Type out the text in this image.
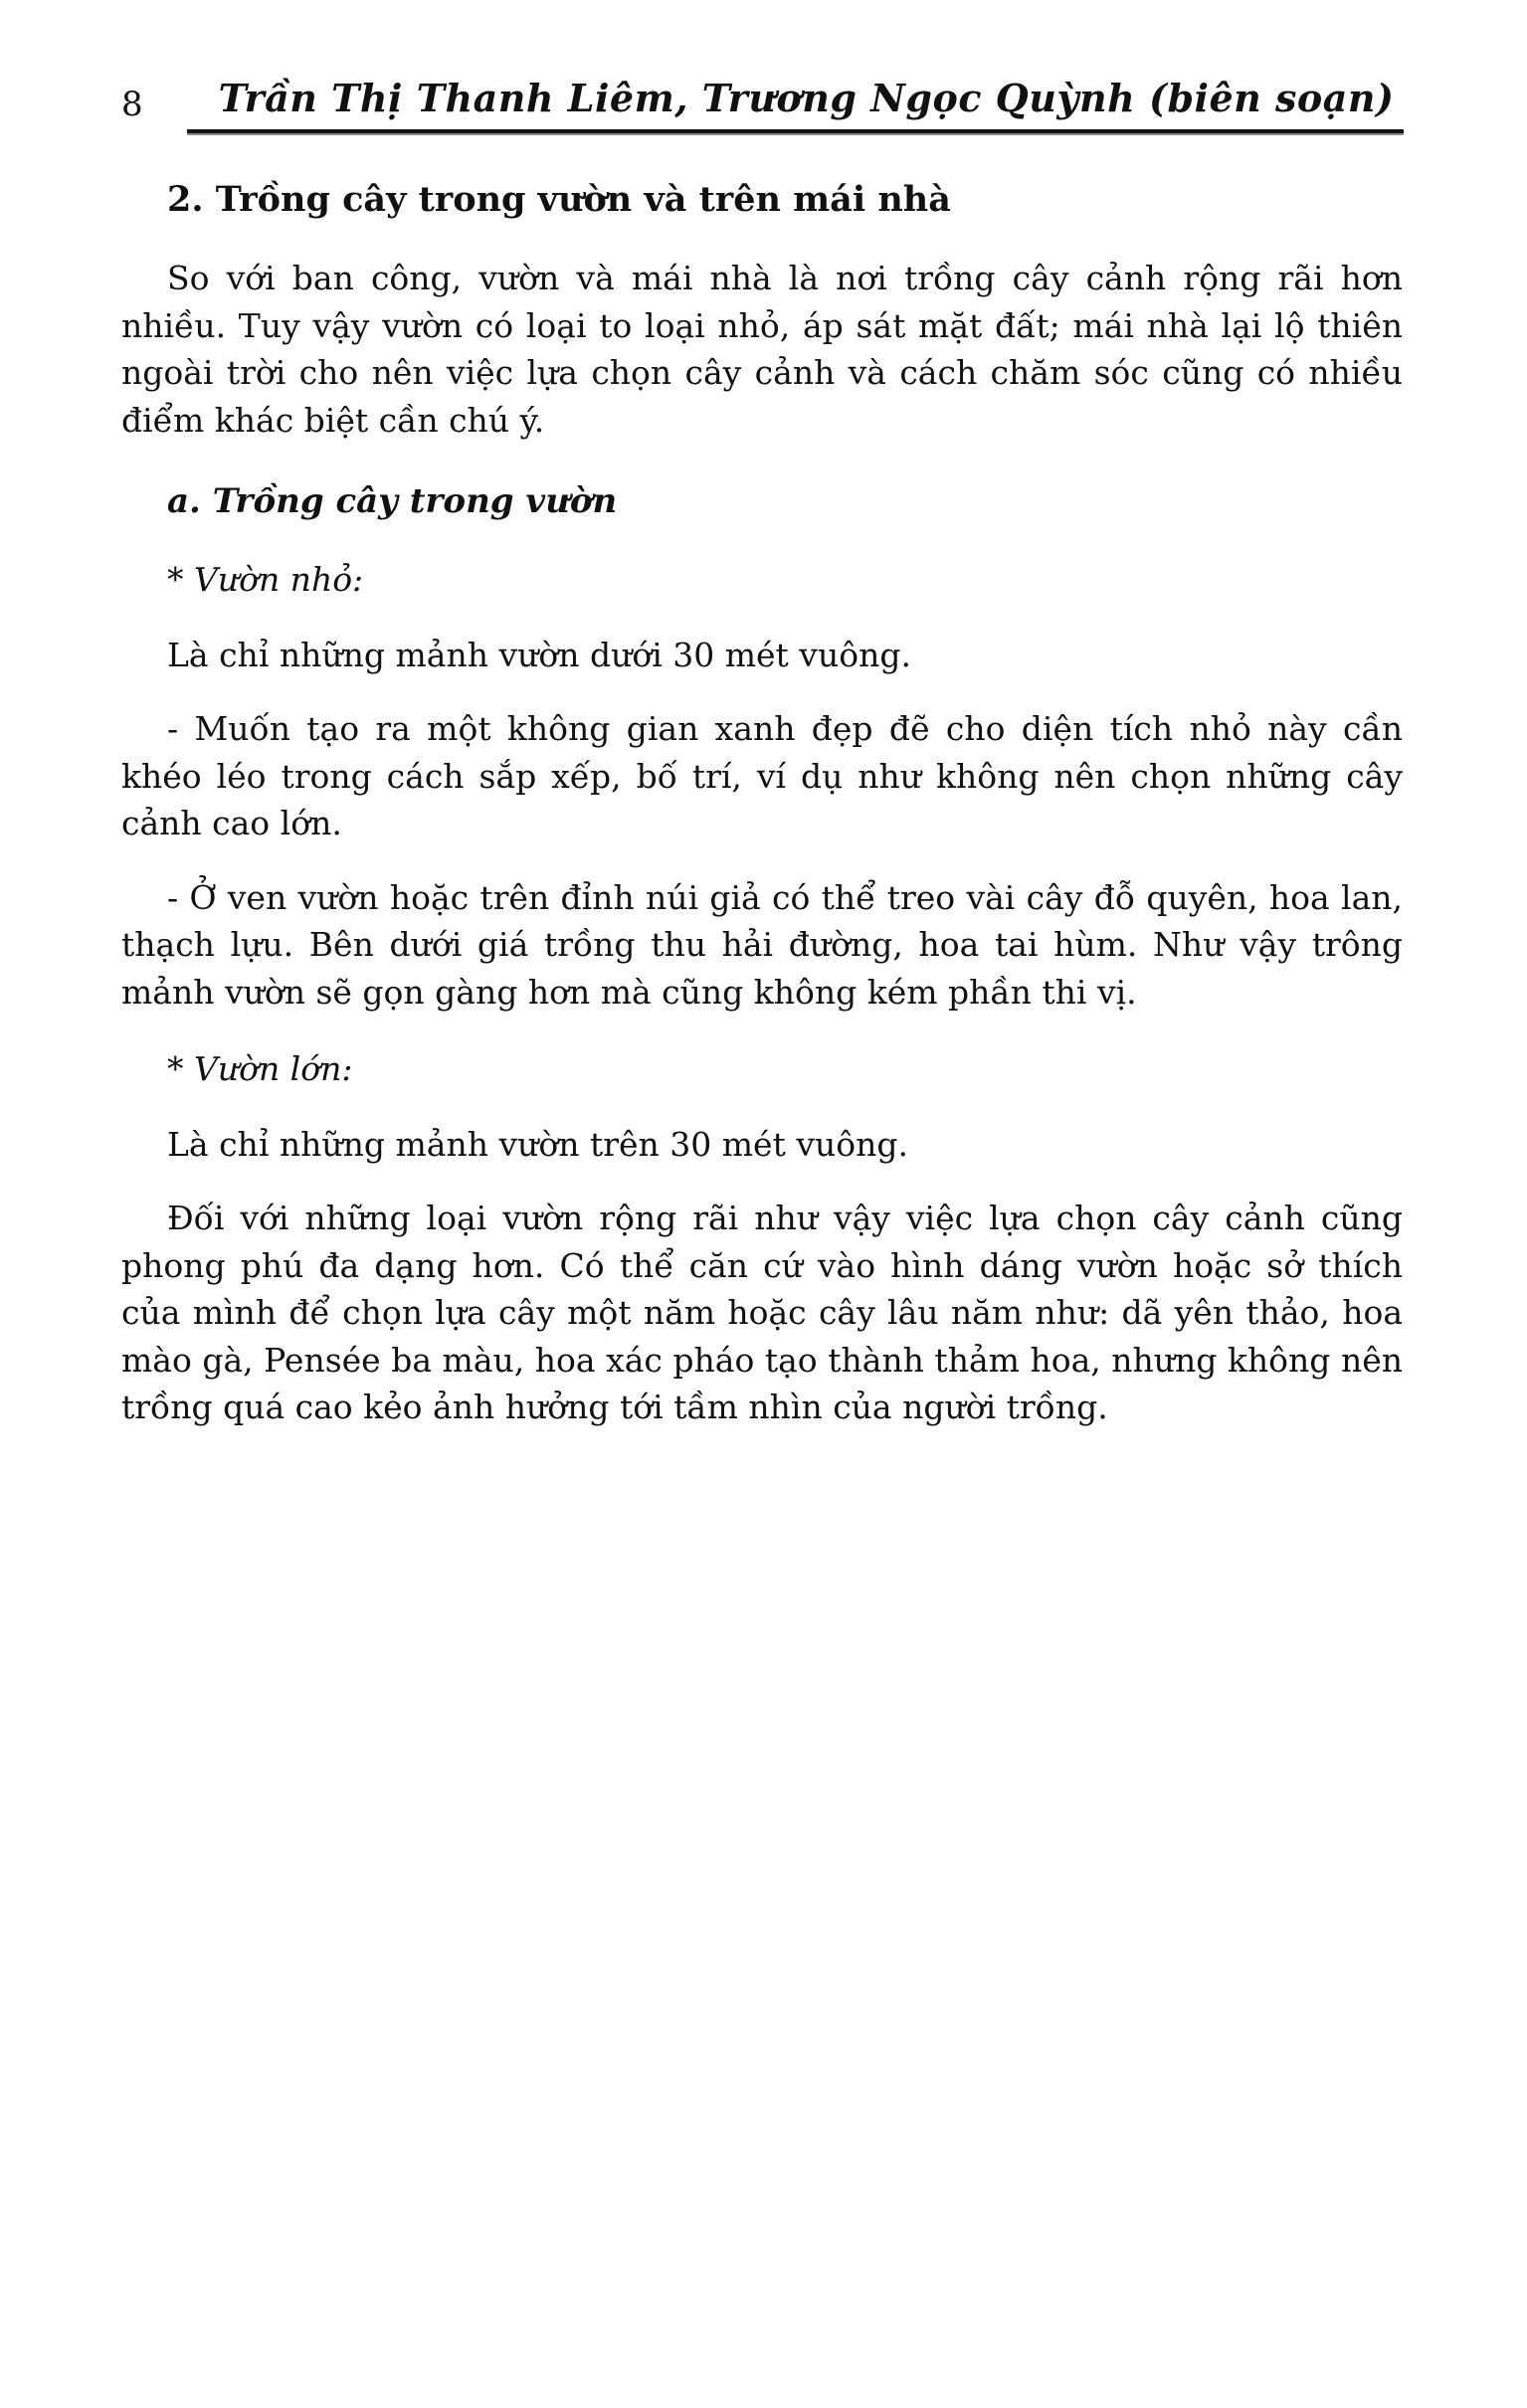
8	Trần Thị Thanh Liêm, Trương Ngọc Quỳnh (biên soạn)
2. Trồng cây trong vườn và trên mái nhà

So với ban công, vườn và mái nhà là nơi trồng cây cảnh rộng rãi hơn nhiều. Tuy vậy vườn có loại to loại nhỏ, áp sát mặt đất; mái nhà lại lộ thiên ngoài trời cho nên việc lựa chọn cây cảnh và cách chăm sóc cũng có nhiều điểm khác biệt cần chú ý.

a. Trồng cây trong vườn
* Vườn nhỏ:

Là chỉ những mảnh vườn dưới 30 mét vuông.

- Muốn tạo ra một không gian xanh đẹp đẽ cho diện tích nhỏ này cần khéo léo trong cách sắp xếp, bố trí, ví dụ như không nên chọn những cây cảnh cao lớn.

- Ở ven vườn hoặc trên đỉnh núi giả có thể treo vài cây đỗ quyên, hoa lan, thạch lựu. Bên dưới giá trồng thu hải đường, hoa tai hùm. Như vậy trông mảnh vườn sẽ gọn gàng hơn mà cũng không kém phần thi vị.

* Vườn lớn:

Là chỉ những mảnh vườn trên 30 mét vuông.

Đối với những loại vườn rộng rãi như vậy việc lựa chọn cây cảnh cũng phong phú đa dạng hơn. Có thể căn cứ vào hình dáng vườn hoặc sở thích của mình để chọn lựa cây một năm hoặc cây lâu năm như: dã yên thảo, hoa mào gà, Pensée ba màu, hoa xác pháo tạo thành thảm hoa, nhưng không nên trồng quá cao kẻo ảnh hưởng tới tầm nhìn của người trồng.
